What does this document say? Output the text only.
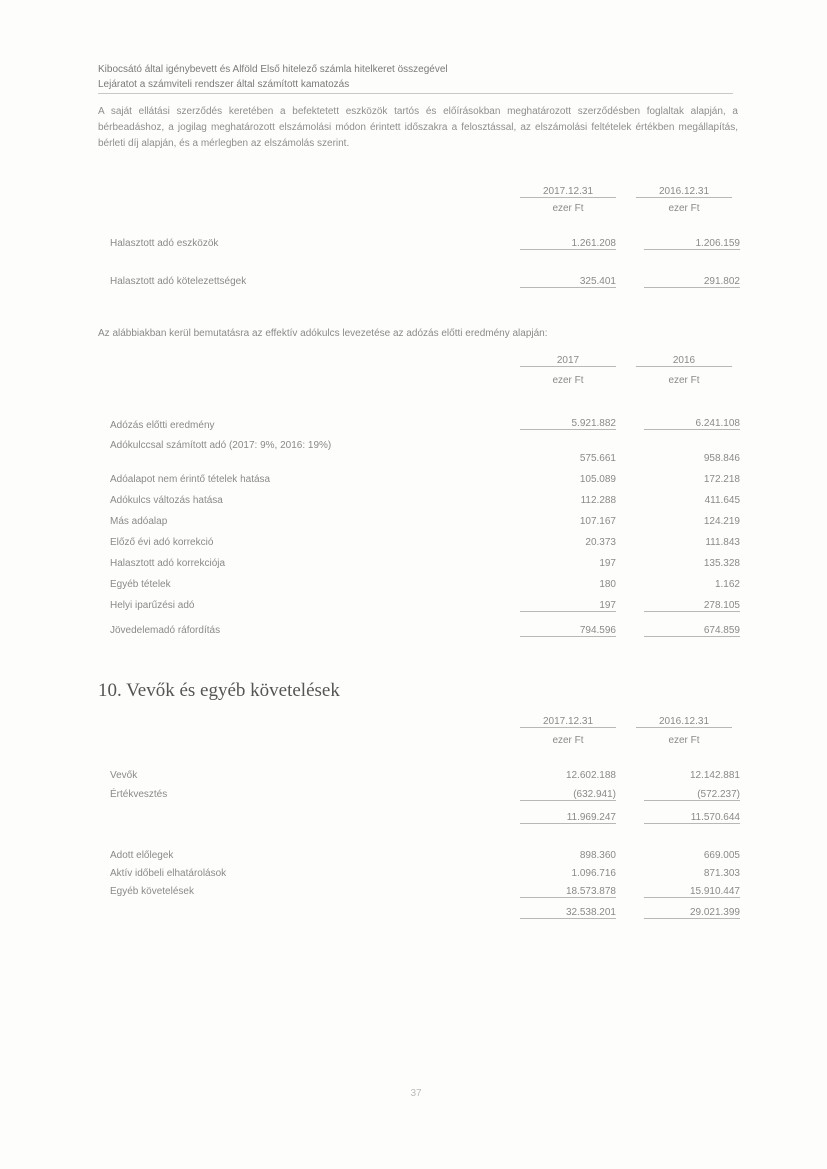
Kibocsátó által igénybevett és Alföld Első hitelező számla hitelkeret összegével
Lejáratot a számviteli rendszer által számított kamatozás
A saját ellátási szerződés keretében a befektetett eszközök tartós és előírásokban meghatározott szerződésben foglaltak alapján, a bérbeadáshoz, a jogilag meghatározott elszámolási módon érintett időszakra a felosztással, az elszámolási feltételek értékben megállapítás, bérleti díj alapján, és a mérlegben az elszámolás szerint.
2017.12.31	2016.12.31
ezer Ft	ezer Ft
Halasztott adó eszközök	1.261.208	1.206.159
Halasztott adó kötelezettségek	325.401	291.802
Az alábbiakban kerül bemutatásra az effektív adókulcs levezetése az adózás előtti eredmény alapján:
2017	2016
ezer Ft	ezer Ft
Adózás előtti eredmény	5.921.882	6.241.108
Adókulccsal számított adó (2017: 9%, 2016: 19%)
575.661	958.846
Adóalapot nem érintő tételek hatása	105.089	172.218
Adókulcs változás hatása	112.288	411.645
Más adóalap	107.167	124.219
Előző évi adó korrekció	20.373	111.843
Halasztott adó korrekciója	197	135.328
Egyéb tételek	180	1.162
Helyi iparűzési adó	197	278.105
Jövedelemadó ráfordítás	794.596	674.859
10. Vevők és egyéb követelések
2017.12.31	2016.12.31
ezer Ft	ezer Ft
Vevők	12.602.188	12.142.881
Értékvesztés	(632.941)	(572.237)
11.969.247	11.570.644
Adott előlegek	898.360	669.005
Aktív időbeli elhatárolások	1.096.716	871.303
Egyéb követelések	18.573.878	15.910.447
32.538.201	29.021.399
37
